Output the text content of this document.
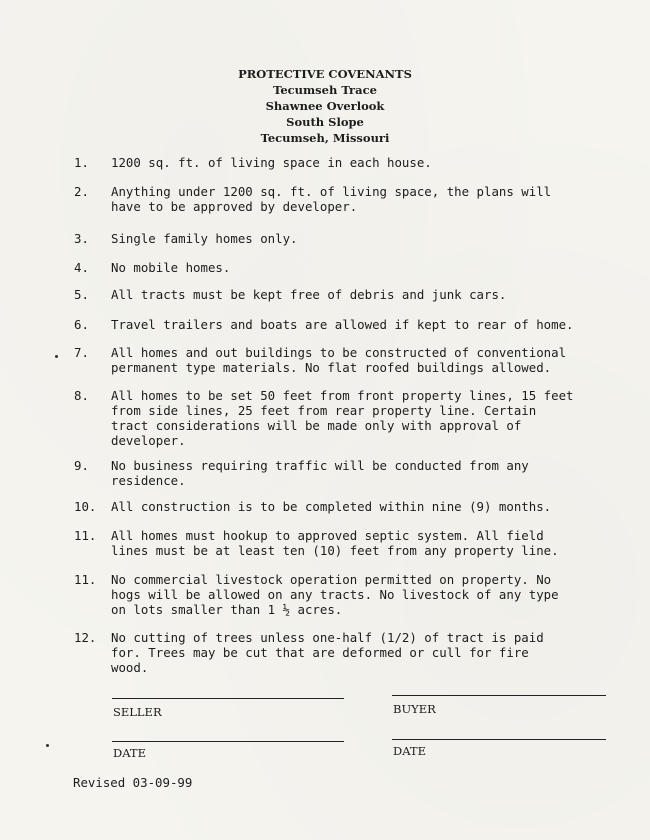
PROTECTIVE COVENANTS
Tecumseh Trace
Shawnee Overlook
South Slope
Tecumseh, Missouri
1.	1200 sq. ft. of living space in each house.
2.	Anything under 1200 sq. ft. of living space, the plans will
have to be approved by developer.
3.	Single family homes only.
4.	No mobile homes.
5.	All tracts must be kept free of debris and junk cars.
6.	Travel trailers and boats are allowed if kept to rear of home.
7.	All homes and out buildings to be constructed of conventional
permanent type materials. No flat roofed buildings allowed.
8.	All homes to be set 50 feet from front property lines, 15 feet
from side lines, 25 feet from rear property line. Certain
tract considerations will be made only with approval of
developer.
9.	No business requiring traffic will be conducted from any
residence.
10.	All construction is to be completed within nine (9) months.
11.	All homes must hookup to approved septic system. All field
lines must be at least ten (10) feet from any property line.
11.	No commercial livestock operation permitted on property. No
hogs will be allowed on any tracts. No livestock of any type
on lots smaller than 1 ½ acres.
12.	No cutting of trees unless one-half (1/2) of tract is paid
for. Trees may be cut that are deformed or cull for fire
wood.
SELLER	BUYER
DATE	DATE
Revised 03-09-99
